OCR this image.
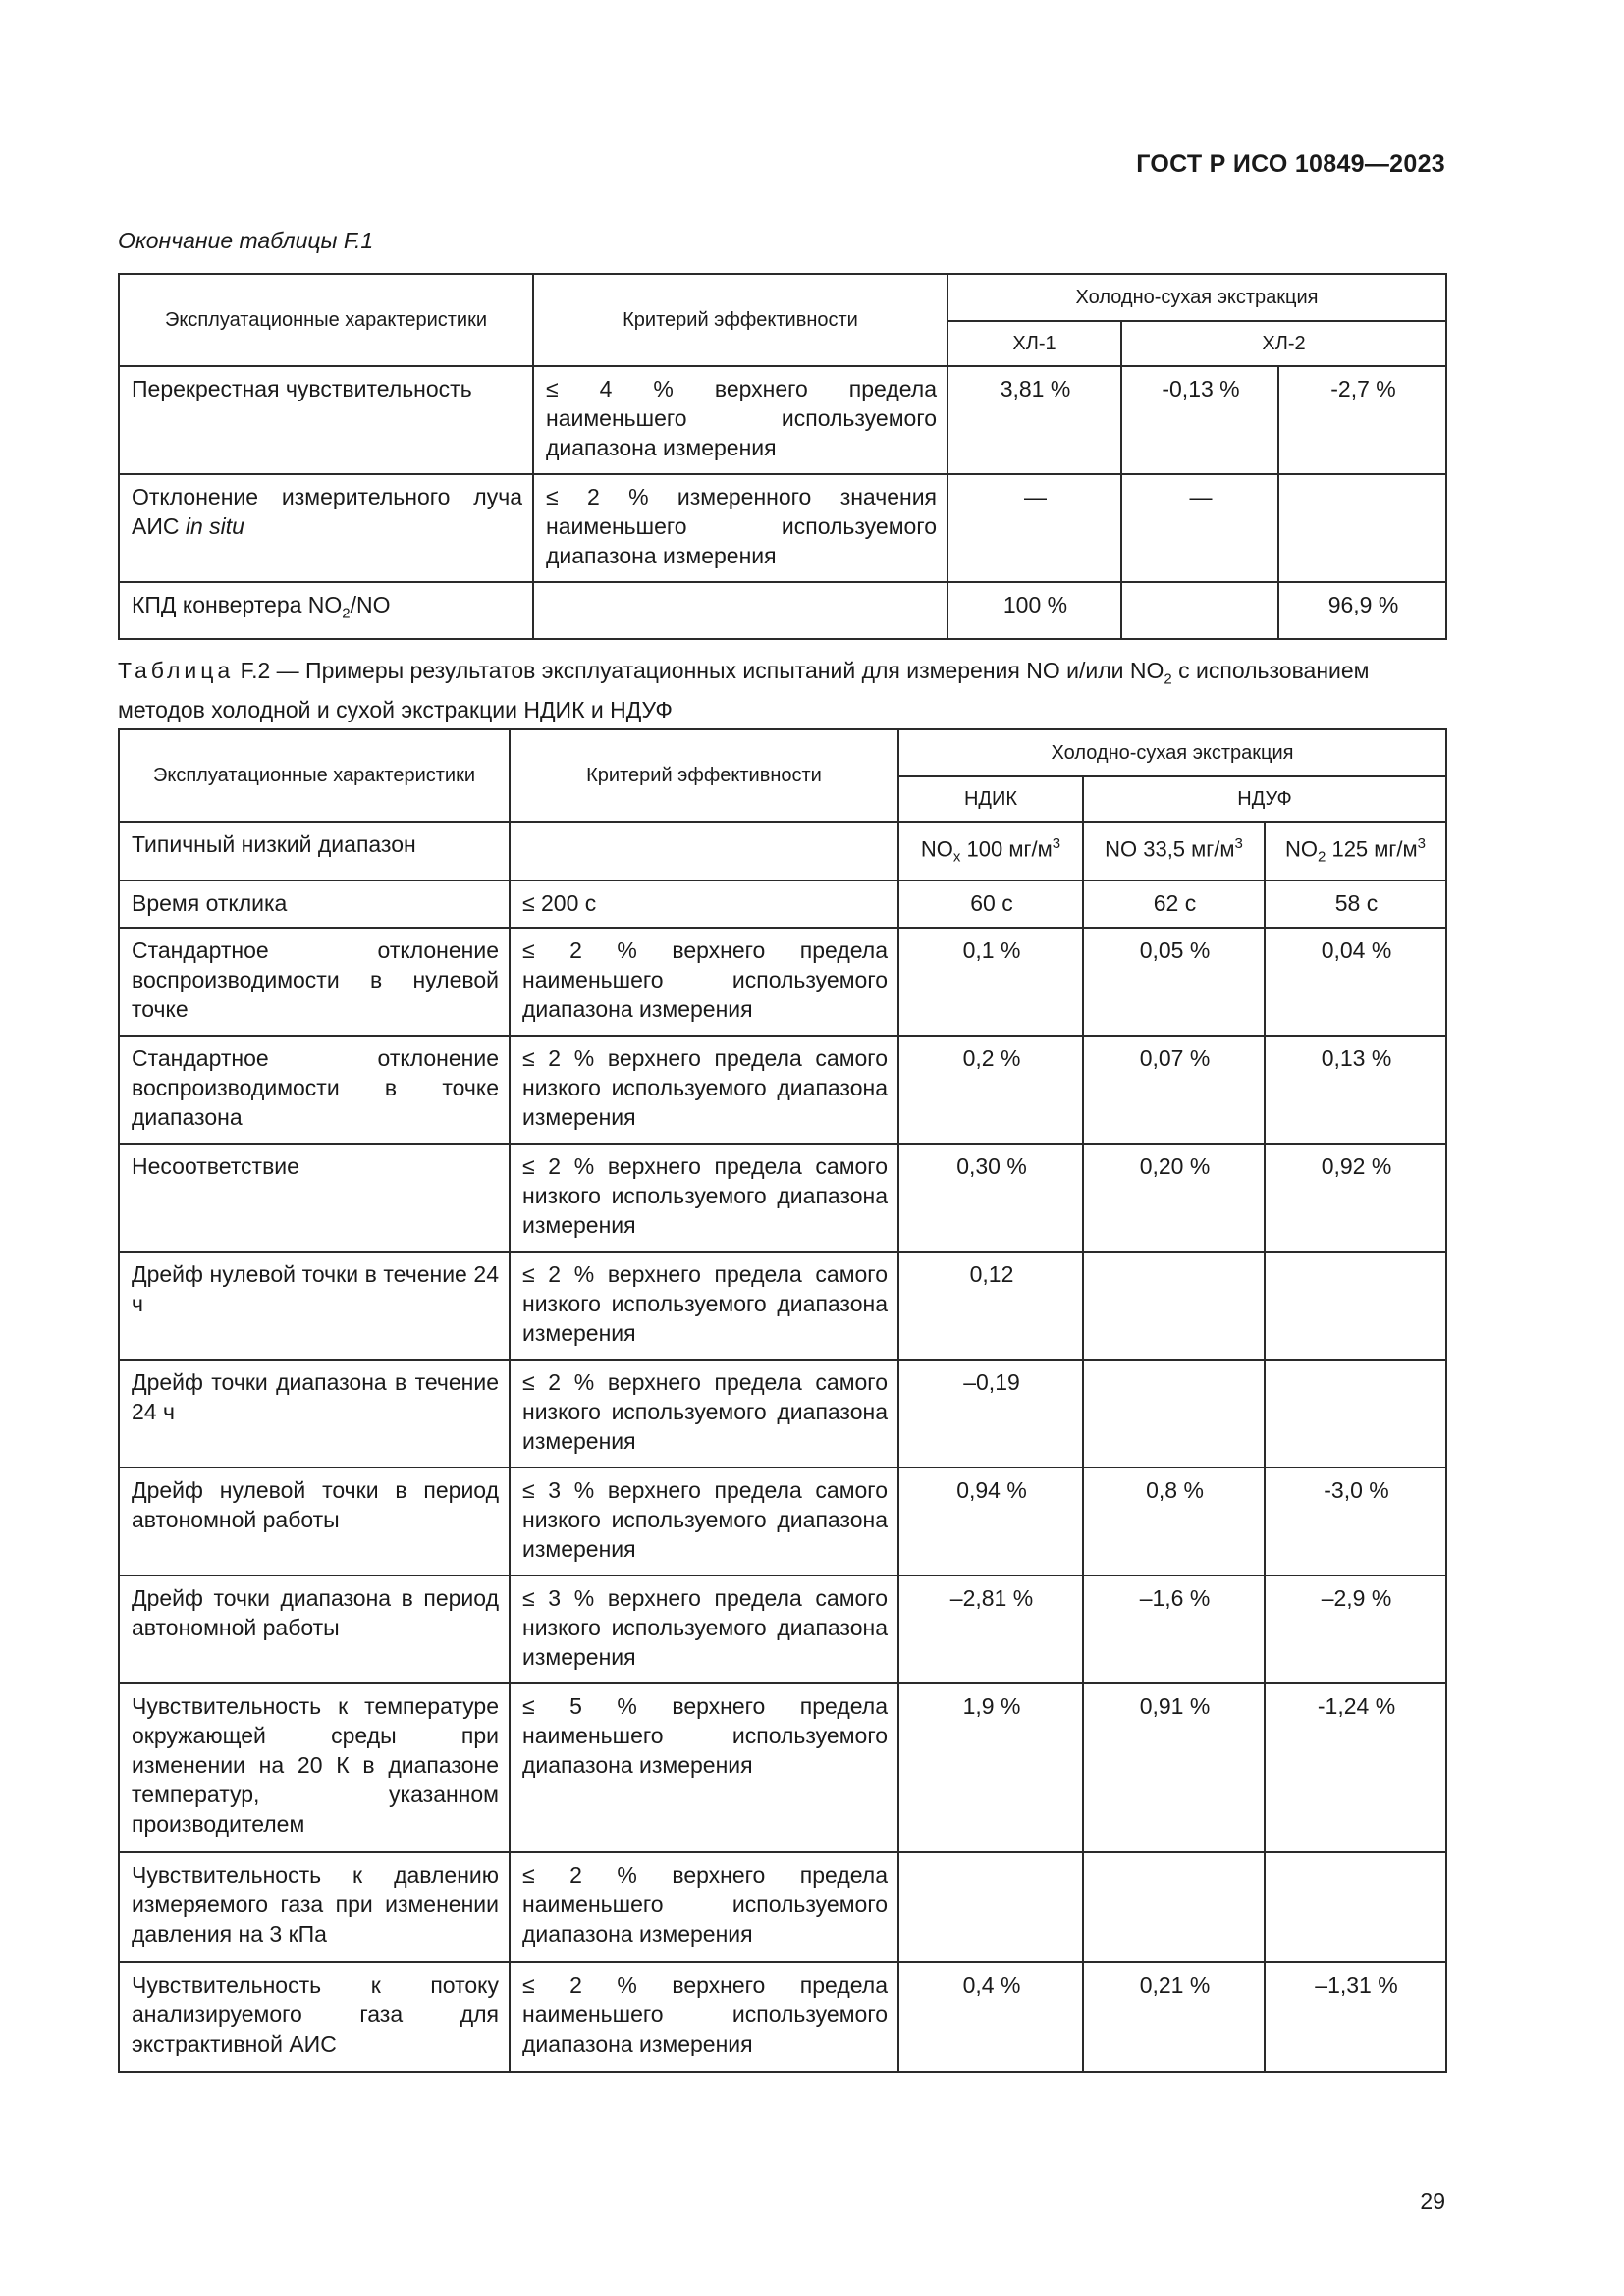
ГОСТ Р ИСО 10849—2023
Окончание таблицы F.1
Эксплуатационные характеристики	Критерий эффективности	Холодно-сухая экстракция		
		ХЛ-1	ХЛ-2	
Перекрестная чувствительность	≤ 4 % верхнего предела наименьшего используемого диапазона измерения	3,81 %	-0,13 %	-2,7 %
Отклонение измерительного луча АИС in situ	≤ 2 % измеренного значения наименьшего используемого диапазона измерения	—	—	
КПД конвертера $NO_2/NO$		100 %		96,9 %
Таблица F.2 — Примеры результатов эксплуатационных испытаний для измерения NO и/или $NO_2$ с использованием методов холодной и сухой экстракции НДИК и НДУФ
Эксплуатационные характеристики	Критерий эффективности	Холодно-сухая экстракция		
		НДИК	НДУФ	
Типичный низкий диапазон		$NO_x$ 100 $мг/м^3$	NO 33,5 $мг/м^3$	$NO_2$ 125 $мг/м^3$
Время отклика	≤ 200 с	60 с	62 с	58 с
Стандартное отклонение воспроизводимости в нулевой точке	≤ 2 % верхнего предела наименьшего используемого диапазона измерения	0,1 %	0,05 %	0,04 %
Стандартное отклонение воспроизводимости в точке диапазона	≤ 2 % верхнего предела самого низкого используемого диапазона измерения	0,2 %	0,07 %	0,13 %
Несоответствие	≤ 2 % верхнего предела самого низкого используемого диапазона измерения	0,30 %	0,20 %	0,92 %
Дрейф нулевой точки в течение 24 ч	≤ 2 % верхнего предела самого низкого используемого диапазона измерения	0,12		
Дрейф точки диапазона в течение 24 ч	≤ 2 % верхнего предела самого низкого используемого диапазона измерения	–0,19		
Дрейф нулевой точки в период автономной работы	≤ 3 % верхнего предела самого низкого используемого диапазона измерения	0,94 %	0,8 %	-3,0 %
Дрейф точки диапазона в период автономной работы	≤ 3 % верхнего предела самого низкого используемого диапазона измерения	–2,81 %	–1,6 %	–2,9 %
Чувствительность к температуре окружающей среды при изменении на 20 К в диапазоне температур, указанном производителем	≤ 5 % верхнего предела наименьшего используемого диапазона измерения	1,9 %	0,91 %	-1,24 %
Чувствительность к давлению измеряемого газа при изменении давления на 3 кПа	≤ 2 % верхнего предела наименьшего используемого диапазона измерения			
Чувствительность к потоку анализируемого газа для экстрактивной АИС	≤ 2 % верхнего предела наименьшего используемого диапазона измерения	0,4 %	0,21 %	–1,31 %
29
